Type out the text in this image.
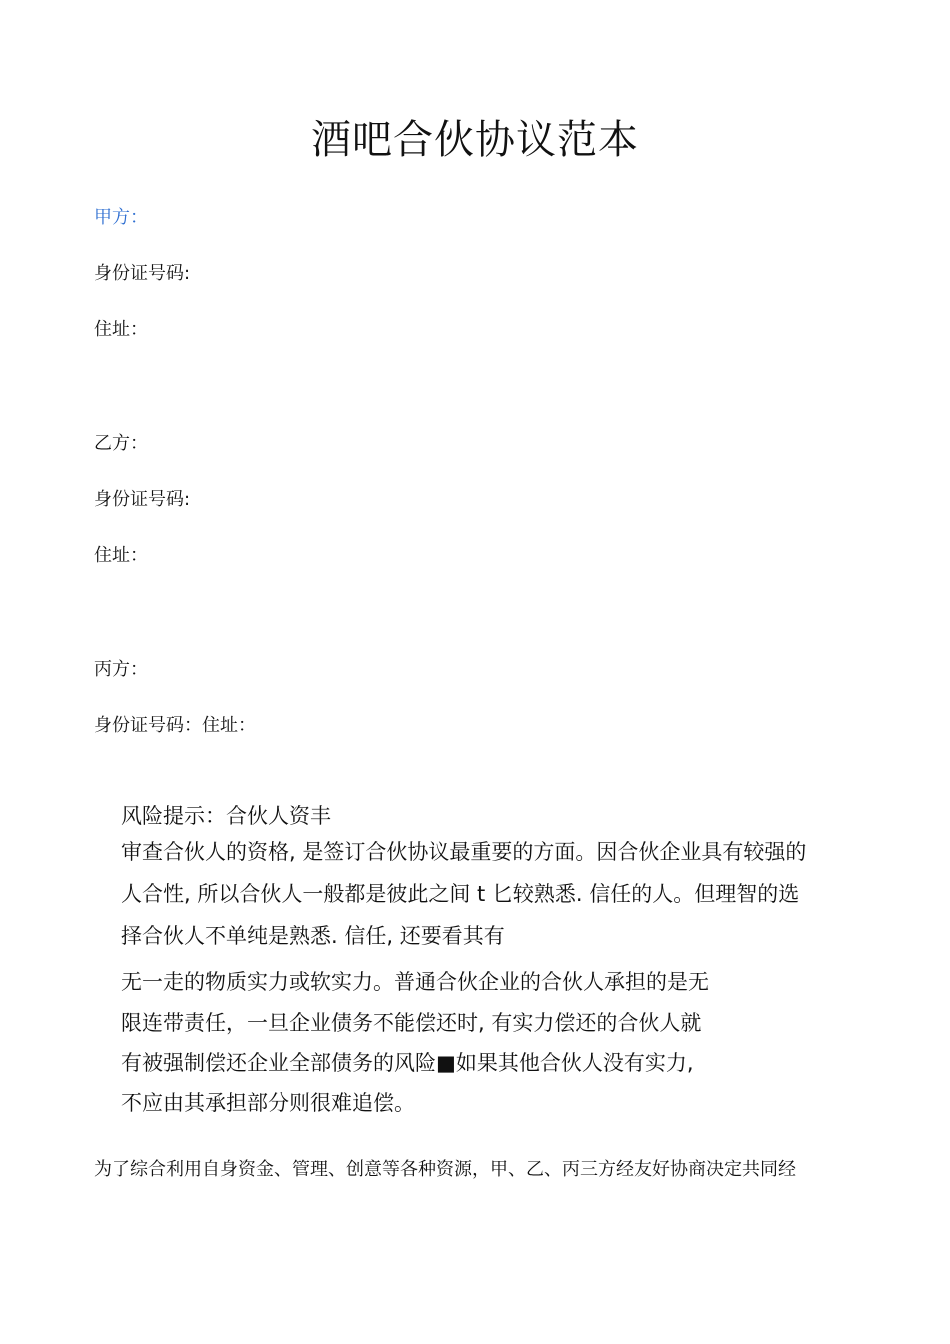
酒吧合伙协议范本
甲方：
身份证号码:
住址：
乙方：
身份证号码:
住址：
丙方：
身份证号码：住址：
风险提示：合伙人资丰
审查合伙人的资格, 是签订合伙协议最重要的方面。因合伙企业具有较强的
人合性, 所以合伙人一般都是彼此之间 t 匕较熟悉. 信任的人。但理智的选
择合伙人不单纯是熟悉. 信任, 还要看其有
无一走的物质实力或软实力。普通合伙企业的合伙人承担的是无
限连带责任，一旦企业债务不能偿还时, 有实力偿还的合伙人就
有被强制偿还企业全部债务的风险■如果其他合伙人没有实力,
不应由其承担部分则很难追偿。
为了综合利用自身资金、管理、创意等各种资源，甲、乙、丙三方经友好协商决定共同经
